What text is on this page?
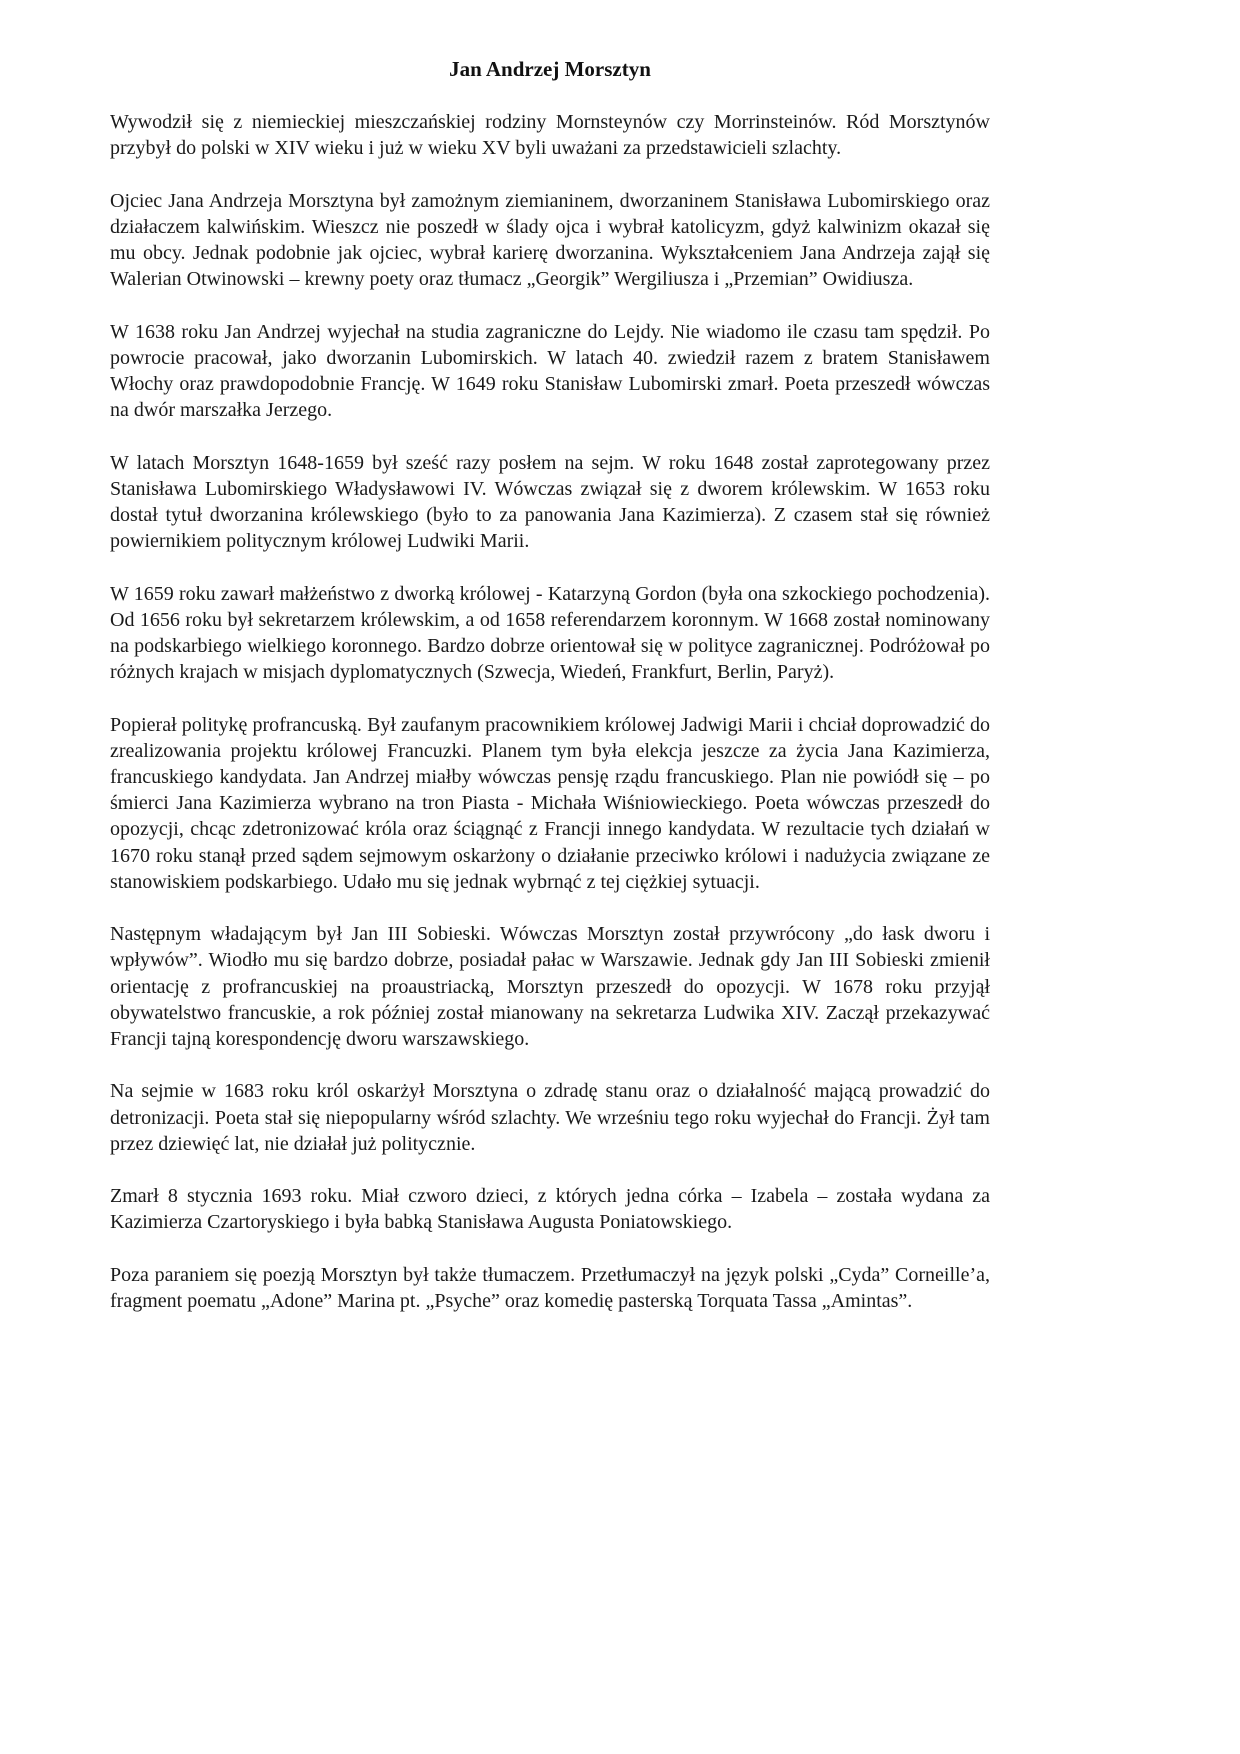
Jan Andrzej Morsztyn

Wywodził się z niemieckiej mieszczańskiej rodziny Mornsteynów czy Morrinsteinów. Ród Morsztynów przybył do polski w XIV wieku i już w wieku XV byli uważani za przedstawicieli szlachty.

Ojciec Jana Andrzeja Morsztyna był zamożnym ziemianinem, dworzaninem Stanisława Lubomirskiego oraz działaczem kalwińskim. Wieszcz nie poszedł w ślady ojca i wybrał katolicyzm, gdyż kalwinizm okazał się mu obcy. Jednak podobnie jak ojciec, wybrał karierę dworzanina. Wykształceniem Jana Andrzeja zajął się Walerian Otwinowski – krewny poety oraz tłumacz „Georgik” Wergiliusza i „Przemian” Owidiusza.

W 1638 roku Jan Andrzej wyjechał na studia zagraniczne do Lejdy. Nie wiadomo ile czasu tam spędził. Po powrocie pracował, jako dworzanin Lubomirskich. W latach 40. zwiedził razem z bratem Stanisławem Włochy oraz prawdopodobnie Francję. W 1649 roku Stanisław Lubomirski zmarł. Poeta przeszedł wówczas na dwór marszałka Jerzego.

W latach Morsztyn 1648-1659 był sześć razy posłem na sejm. W roku 1648 został zaprotegowany przez Stanisława Lubomirskiego Władysławowi IV. Wówczas związał się z dworem królewskim. W 1653 roku dostał tytuł dworzanina królewskiego (było to za panowania Jana Kazimierza). Z czasem stał się również powiernikiem politycznym królowej Ludwiki Marii.

W 1659 roku zawarł małżeństwo z dworką królowej - Katarzyną Gordon (była ona szkockiego pochodzenia). Od 1656 roku był sekretarzem królewskim, a od 1658 referendarzem koronnym. W 1668 został nominowany na podskarbiego wielkiego koronnego. Bardzo dobrze orientował się w polityce zagranicznej. Podróżował po różnych krajach w misjach dyplomatycznych (Szwecja, Wiedeń, Frankfurt, Berlin, Paryż).

Popierał politykę profrancuską. Był zaufanym pracownikiem królowej Jadwigi Marii i chciał doprowadzić do zrealizowania projektu królowej Francuzki. Planem tym była elekcja jeszcze za życia Jana Kazimierza, francuskiego kandydata. Jan Andrzej miałby wówczas pensję rządu francuskiego. Plan nie powiódł się – po śmierci Jana Kazimierza wybrano na tron Piasta - Michała Wiśniowieckiego. Poeta wówczas przeszedł do opozycji, chcąc zdetronizować króla oraz ściągnąć z Francji innego kandydata. W rezultacie tych działań w 1670 roku stanął przed sądem sejmowym oskarżony o działanie przeciwko królowi i nadużycia związane ze stanowiskiem podskarbiego. Udało mu się jednak wybrnąć z tej ciężkiej sytuacji.

Następnym władającym był Jan III Sobieski. Wówczas Morsztyn został przywrócony „do łask dworu i wpływów”. Wiodło mu się bardzo dobrze, posiadał pałac w Warszawie. Jednak gdy Jan III Sobieski zmienił orientację z profrancuskiej na proaustriacką, Morsztyn przeszedł do opozycji. W 1678 roku przyjął obywatelstwo francuskie, a rok później został mianowany na sekretarza Ludwika XIV. Zaczął przekazywać Francji tajną korespondencję dworu warszawskiego.

Na sejmie w 1683 roku król oskarżył Morsztyna o zdradę stanu oraz o działalność mającą prowadzić do detronizacji. Poeta stał się niepopularny wśród szlachty. We wrześniu tego roku wyjechał do Francji. Żył tam przez dziewięć lat, nie działał już politycznie.

Zmarł 8 stycznia 1693 roku. Miał czworo dzieci, z których jedna córka – Izabela – została wydana za Kazimierza Czartoryskiego i była babką Stanisława Augusta Poniatowskiego.

Poza paraniem się poezją Morsztyn był także tłumaczem. Przetłumaczył na język polski „Cyda” Corneille’a, fragment poematu „Adone” Marina pt. „Psyche” oraz komedię pasterską Torquata Tassa „Amintas”.
